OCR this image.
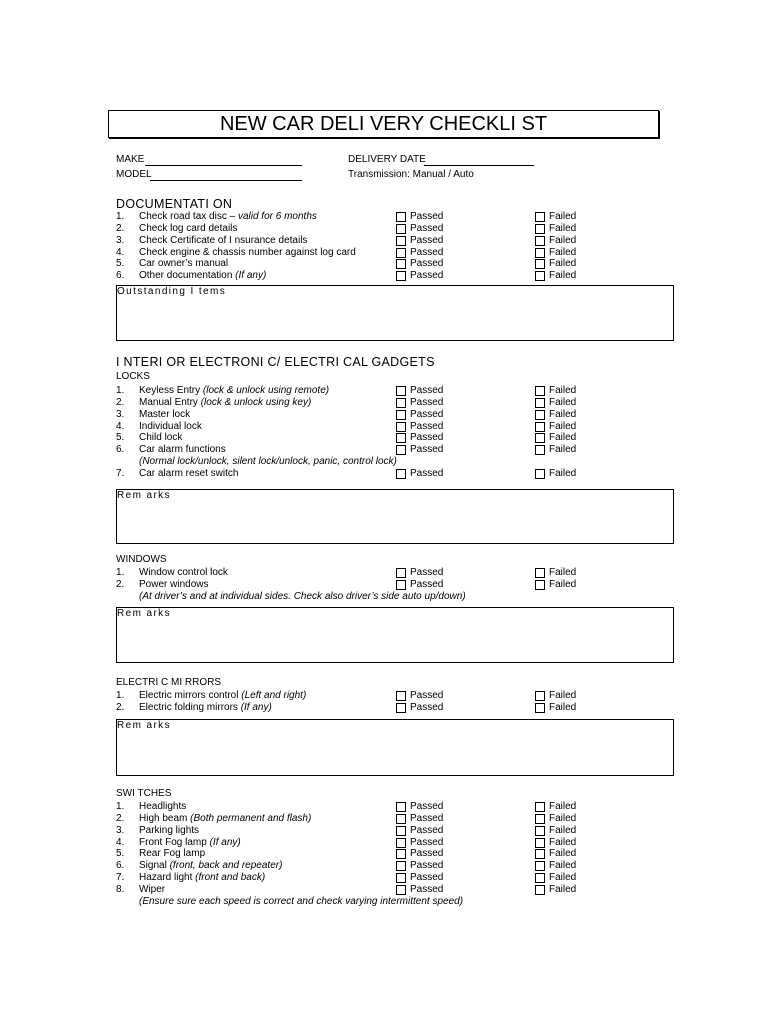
NEW CAR DELI VERY CHECKLI ST
MAKE
MODEL
DELIVERY DATE
Transmission: Manual / Auto
DOCUMENTATI ON
1. Check road tax disc – valid for 6 months	Passed	Failed
2. Check log card details	Passed	Failed
3. Check Certificate of I nsurance details	Passed	Failed
4. Check engine & chassis number against log card	Passed	Failed
5. Car owner’s manual	Passed	Failed
6. Other documentation (If any)	Passed	Failed
Outstanding I tems
I NTERI OR ELECTRONI C/ ELECTRI CAL GADGETS
LOCKS
1. Keyless Entry (lock & unlock using remote)	Passed	Failed
2. Manual Entry (lock & unlock using key)	Passed	Failed
3. Master lock	Passed	Failed
4. Individual lock	Passed	Failed
5. Child lock	Passed	Failed
6. Car alarm functions	Passed	Failed
(Normal lock/unlock, silent lock/unlock, panic, control lock)
7. Car alarm reset switch	Passed	Failed
Rem arks
WINDOWS
1. Window control lock	Passed	Failed
2. Power windows	Passed	Failed
(At driver’s and at individual sides. Check also driver’s side auto up/down)
Rem arks
ELECTRI C MI RRORS
1. Electric mirrors control (Left and right)	Passed	Failed
2. Electric folding mirrors (If any)	Passed	Failed
Rem arks
SWI TCHES
1. Headlights	Passed	Failed
2. High beam (Both permanent and flash)	Passed	Failed
3. Parking lights	Passed	Failed
4. Front Fog lamp (If any)	Passed	Failed
5. Rear Fog lamp	Passed	Failed
6. Signal (front, back and repeater)	Passed	Failed
7. Hazard light (front and back)	Passed	Failed
8. Wiper	Passed	Failed
(Ensure sure each speed is correct and check varying intermittent speed)
